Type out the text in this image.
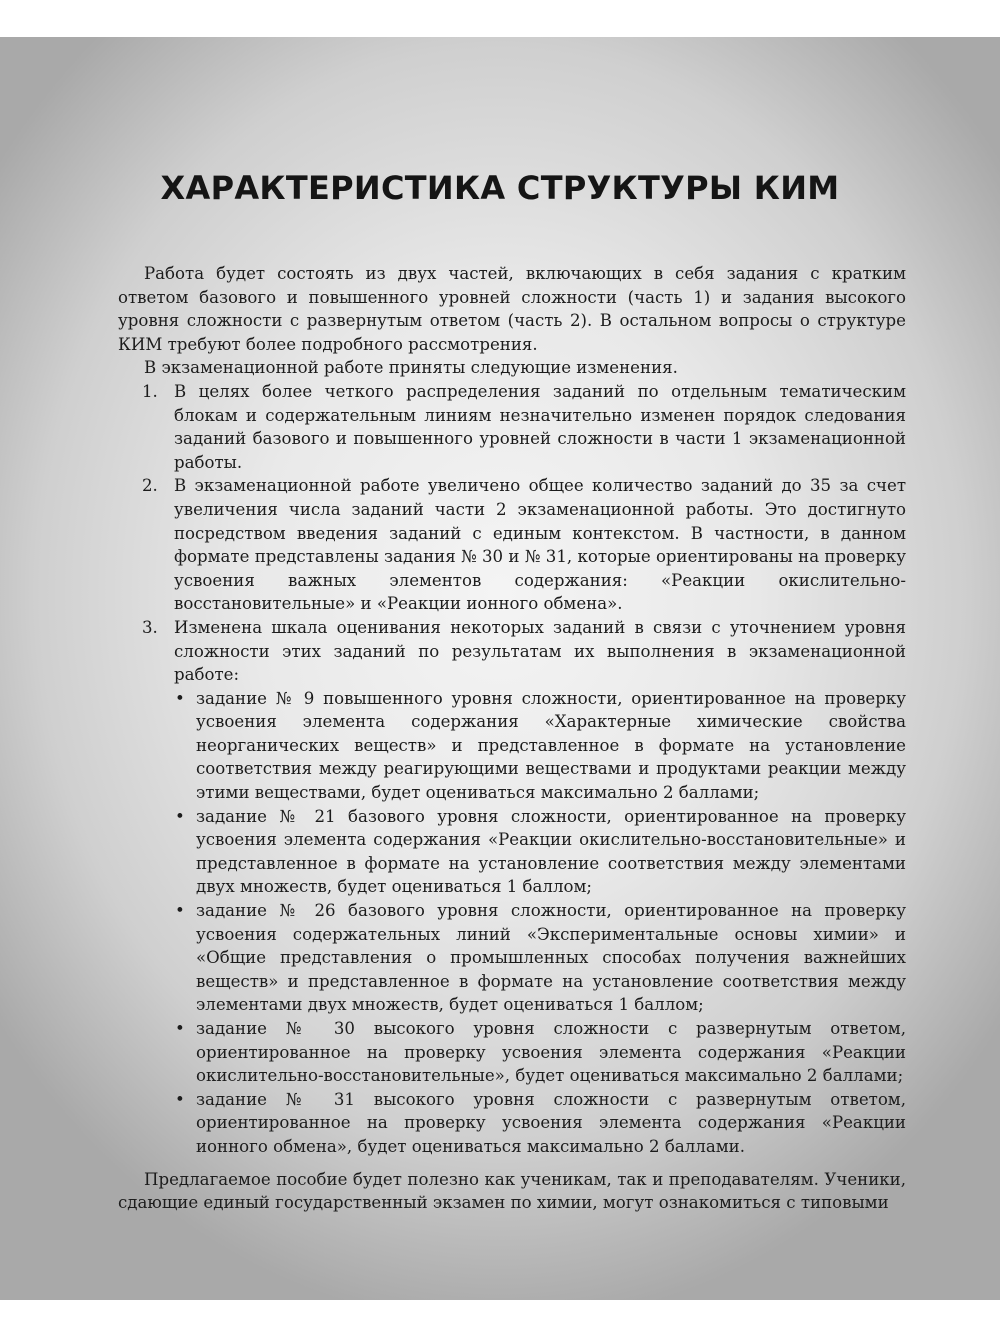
ХАРАКТЕРИСТИКА СТРУКТУРЫ КИМ

Работа будет состоять из двух частей, включающих в себя задания с кратким ответом базового и повышенного уровней сложности (часть 1) и задания высокого уровня сложности с развернутым ответом (часть 2). В остальном вопросы о структуре КИМ требуют более подробного рассмотрения.

В экзаменационной работе приняты следующие изменения.

1. В целях более четкого распределения заданий по отдельным тематическим блокам и содержательным линиям незначительно изменен порядок следования заданий базового и повышенного уровней сложности в части 1 экзаменационной работы.
2. В экзаменационной работе увеличено общее количество заданий до 35 за счет увеличения числа заданий части 2 экзаменационной работы. Это достигнуто посредством введения заданий с единым контекстом. В частности, в данном формате представлены задания № 30 и № 31, которые ориентированы на проверку усвоения важных элементов содержания: «Реакции окислительно-восстановительные» и «Реакции ионного обмена».
3. Изменена шкала оценивания некоторых заданий в связи с уточнением уровня сложности этих заданий по результатам их выполнения в экзаменационной работе:
• задание № 9 повышенного уровня сложности, ориентированное на проверку усвоения элемента содержания «Характерные химические свойства неорганических веществ» и представленное в формате на установление соответствия между реагирующими веществами и продуктами реакции между этими веществами, будет оцениваться максимально 2 баллами;
• задание № 21 базового уровня сложности, ориентированное на проверку усвоения элемента содержания «Реакции окислительно-восстановительные» и представленное в формате на установление соответствия между элементами двух множеств, будет оцениваться 1 баллом;
• задание № 26 базового уровня сложности, ориентированное на проверку усвоения содержательных линий «Экспериментальные основы химии» и «Общие представления о промышленных способах получения важнейших веществ» и представленное в формате на установление соответствия между элементами двух множеств, будет оцениваться 1 баллом;
• задание № 30 высокого уровня сложности с развернутым ответом, ориентированное на проверку усвоения элемента содержания «Реакции окислительно-восстановительные», будет оцениваться максимально 2 баллами;
• задание № 31 высокого уровня сложности с развернутым ответом, ориентированное на проверку усвоения элемента содержания «Реакции ионного обмена», будет оцениваться максимально 2 баллами.

Предлагаемое пособие будет полезно как ученикам, так и преподавателям. Ученики, сдающие единый государственный экзамен по химии, могут ознакомиться с типовыми
